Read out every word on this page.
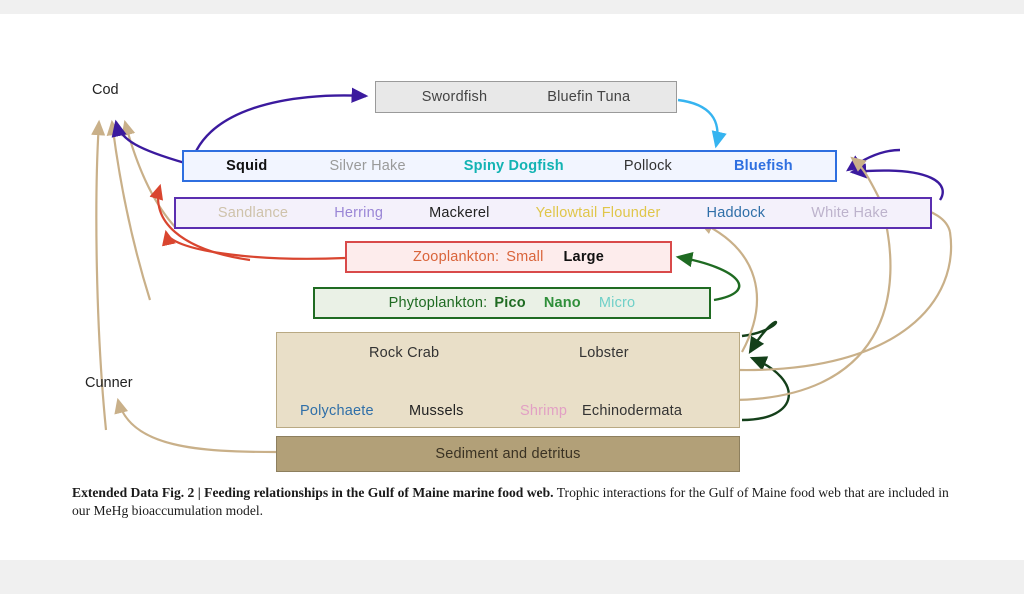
Swordfish	Bluefin Tuna
Squid	Silver Hake	Spiny Dogfish	Pollock	Bluefish
Sandlance	Herring	Mackerel	Yellowtail Flounder	Haddock	White Hake
Zooplankton: Small Large
Phytoplankton: Pico Nano Micro
Rock Crab	Lobster
Polychaete Mussels	Shrimp Echinodermata
Sediment and detritus
Cod
Cunner
Extended Data Fig. 2 | Feeding relationships in the Gulf of Maine marine food web. Trophic interactions for the Gulf of Maine food web that are included in our MeHg bioaccumulation model.
